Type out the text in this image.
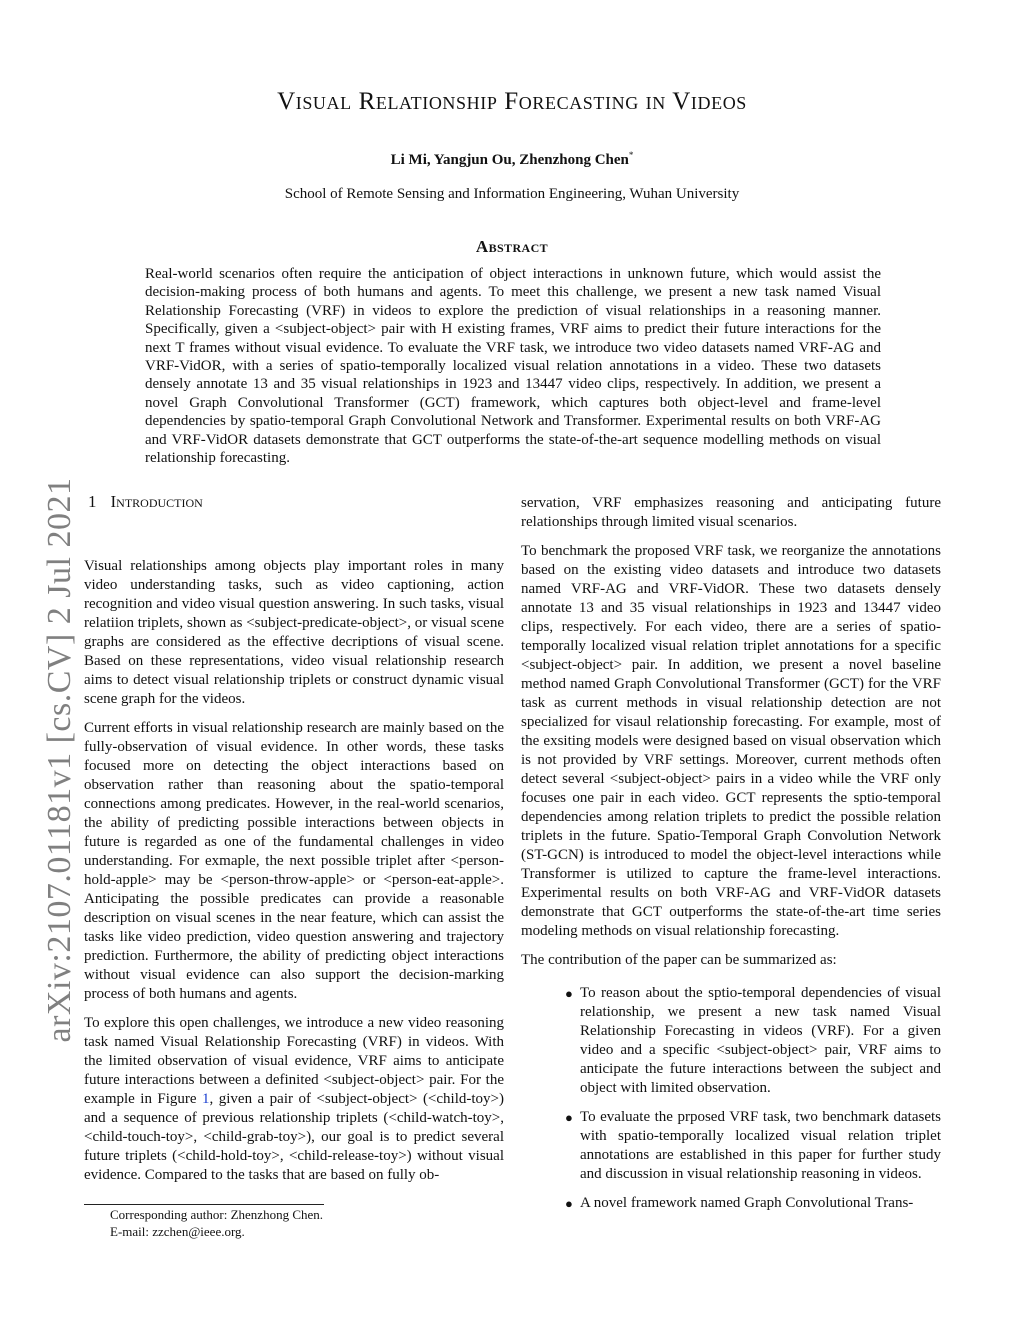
arXiv:2107.01181v1 [cs.CV] 2 Jul 2021
Visual Relationship Forecasting in Videos
Li Mi, Yangjun Ou, Zhenzhong Chen*
School of Remote Sensing and Information Engineering, Wuhan University
Abstract

Real-world scenarios often require the anticipation of object interactions in unknown future, which would assist the decision-making process of both humans and agents. To meet this challenge, we present a new task named Visual Relationship Forecasting (VRF) in videos to explore the prediction of visual relationships in a reasoning manner. Specifically, given a <subject-object> pair with H existing frames, VRF aims to predict their future interactions for the next T frames without visual evidence. To evaluate the VRF task, we introduce two video datasets named VRF-AG and VRF-VidOR, with a series of spatio-temporally localized visual relation annotations in a video. These two datasets densely annotate 13 and 35 visual relationships in 1923 and 13447 video clips, respectively. In addition, we present a novel Graph Convolutional Transformer (GCT) framework, which captures both object-level and frame-level dependencies by spatio-temporal Graph Convolutional Network and Transformer. Experimental results on both VRF-AG and VRF-VidOR datasets demonstrate that GCT outperforms the state-of-the-art sequence modelling methods on visual relationship forecasting.

1 Introduction

Visual relationships among objects play important roles in many video understanding tasks, such as video captioning, action recognition and video visual question answering. In such tasks, visual relatiion triplets, shown as <subject-predicate-object>, or visual scene graphs are considered as the effective decriptions of visual scene. Based on these representations, video visual relationship research aims to detect visual relationship triplets or construct dynamic visual scene graph for the videos.

Current efforts in visual relationship research are mainly based on the fully-observation of visual evidence. In other words, these tasks focused more on detecting the object interactions based on observation rather than reasoning about the spatio-temporal connections among predicates. However, in the real-world scenarios, the ability of predicting possible interactions between objects in future is regarded as one of the fundamental challenges in video understanding. For exmaple, the next possible triplet after <person-hold-apple> may be <person-throw-apple> or <person-eat-apple>. Anticipating the possible predicates can provide a reasonable description on visual scenes in the near feature, which can assist the tasks like video prediction, video question answering and trajectory prediction. Furthermore, the ability of predicting object interactions without visual evidence can also support the decision-marking process of both humans and agents.

To explore this open challenges, we introduce a new video reasoning task named Visual Relationship Forecasting (VRF) in videos. With the limited observation of visual evidence, VRF aims to anticipate future interactions between a definited <subject-object> pair. For the example in Figure 1, given a pair of <subject-object> (<child-toy>) and a sequence of previous relationship triplets (<child-watch-toy>, <child-touch-toy>, <child-grab-toy>), our goal is to predict several future triplets (<child-hold-toy>, <child-release-toy>) without visual evidence. Compared to the tasks that are based on fully ob-

servation, VRF emphasizes reasoning and anticipating future relationships through limited visual scenarios.

To benchmark the proposed VRF task, we reorganize the annotations based on the existing video datasets and introduce two datasets named VRF-AG and VRF-VidOR. These two datasets densely annotate 13 and 35 visual relationships in 1923 and 13447 video clips, respectively. For each video, there are a series of spatio-temporally localized visual relation triplet annotations for a specific <subject-object> pair. In addition, we present a novel baseline method named Graph Convolutional Transformer (GCT) for the VRF task as current methods in visual relationship detection are not specialized for visaul relationship forecasting. For example, most of the exsiting models were designed based on visual observation which is not provided by VRF settings. Moreover, current methods often detect several <subject-object> pairs in a video while the VRF only focuses one pair in each video. GCT represents the sptio-temporal dependencies among relation triplets to predict the possible relation triplets in the future. Spatio-Temporal Graph Convolution Network (ST-GCN) is introduced to model the object-level interactions while Transformer is utilized to capture the frame-level interactions. Experimental results on both VRF-AG and VRF-VidOR datasets demonstrate that GCT outperforms the state-of-the-art time series modeling methods on visual relationship forecasting.

The contribution of the paper can be summarized as:

● To reason about the sptio-temporal dependencies of visual relationship, we present a new task named Visual Relationship Forecasting in videos (VRF). For a given video and a specific <subject-object> pair, VRF aims to anticipate the future interactions between the subject and object with limited observation.
● To evaluate the prposed VRF task, two benchmark datasets with spatio-temporally localized visual relation triplet annotations are established in this paper for further study and discussion in visual relationship reasoning in videos.
● A novel framework named Graph Convolutional Trans-
Corresponding author: Zhenzhong Chen.
E-mail: zzchen@ieee.org.
